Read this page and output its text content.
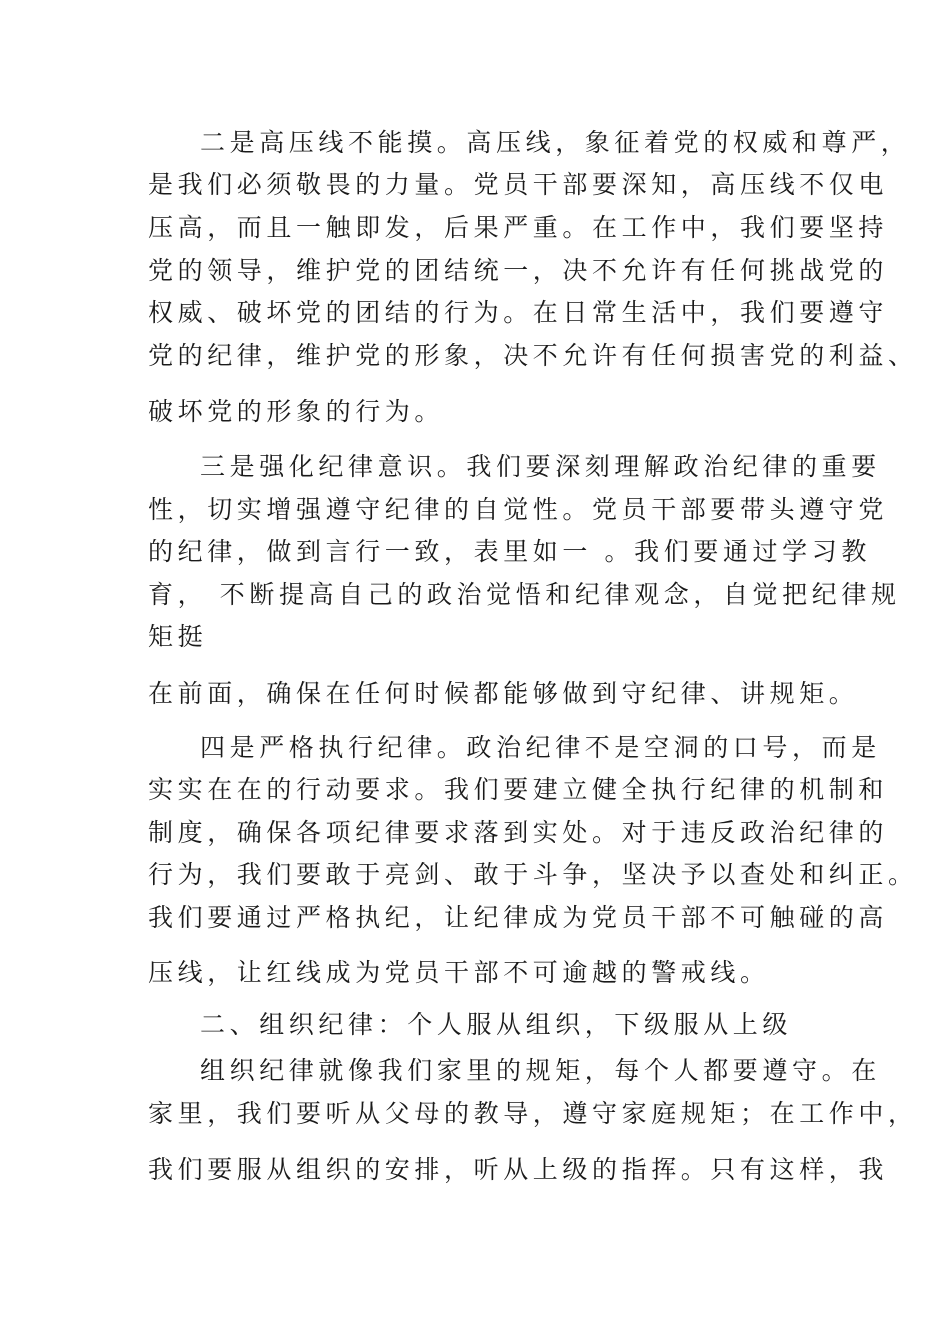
二是高压线不能摸。高压线，象征着党的权威和尊严，
是我们必须敬畏的力量。党员干部要深知，高压线不仅电
压高，而且一触即发，后果严重。在工作中，我们要坚持
党的领导，维护党的团结统一，决不允许有任何挑战党的
权威、破坏党的团结的行为。在日常生活中，我们要遵守
党的纪律，维护党的形象，决不允许有任何损害党的利益、
破坏党的形象的行为。
三是强化纪律意识。我们要深刻理解政治纪律的重要
性，切实增强遵守纪律的自觉性。党员干部要带头遵守党
的纪律，做到言行一致，表里如一 。我们要通过学习教
育， 不断提高自己的政治觉悟和纪律观念，自觉把纪律规
矩挺
在前面，确保在任何时候都能够做到守纪律、讲规矩。
四是严格执行纪律。政治纪律不是空洞的口号，而是
实实在在的行动要求。我们要建立健全执行纪律的机制和
制度，确保各项纪律要求落到实处。对于违反政治纪律的
行为，我们要敢于亮剑、敢于斗争，坚决予以查处和纠正。
我们要通过严格执纪，让纪律成为党员干部不可触碰的高
压线，让红线成为党员干部不可逾越的警戒线。
二、组织纪律：个人服从组织，下级服从上级
组织纪律就像我们家里的规矩，每个人都要遵守。在
家里，我们要听从父母的教导，遵守家庭规矩；在工作中，
我们要服从组织的安排，听从上级的指挥。只有这样，我
